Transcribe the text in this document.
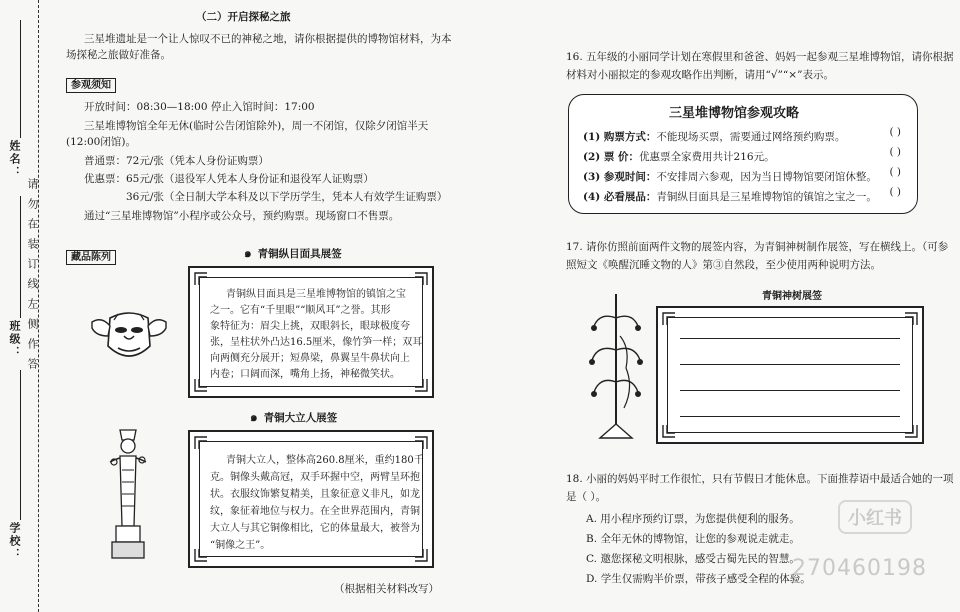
姓名：
请勿在装订线左侧作答
班级：
学校：
（二）开启探秘之旅
三星堆遗址是一个让人惊叹不已的神秘之地，请你根据提供的博物馆材料，为本
场探秘之旅做好准备。
参观须知
开放时间：08:30—18:00 停止入馆时间：17:00
三星堆博物馆全年无休(临时公告闭馆除外)，周一不闭馆，仅除夕闭馆半天
(12:00闭馆)。
普通票：72元/张（凭本人身份证购票）
优惠票：65元/张（退役军人凭本人身份证和退役军人证购票）
36元/张（全日制大学本科及以下学历学生，凭本人有效学生证购票）
通过“三星堆博物馆”小程序或公众号，预约购票。现场窗口不售票。
藏品陈列	๑ 青铜纵目面具展签
青铜纵目面具是三星堆博物馆的镇馆之宝
之一。它有“千里眼”“顺风耳”之誉。其形
象特征为：眉尖上挑，双眼斜长，眼球极度夸
张，呈柱状外凸达16.5厘米，像竹笋一样；双耳
向两侧充分展开；短鼻梁，鼻翼呈牛鼻状向上
内卷；口阔而深，嘴角上扬，神秘微笑状。
๑ 青铜大立人展签
青铜大立人，整体高260.8厘米，重约180千
克。铜像头戴高冠，双手环握中空，两臂呈环抱
状。衣服纹饰繁复精美，且象征意义非凡，如龙
纹，象征着地位与权力。在全世界范围内，青铜
大立人与其它铜像相比，它的体量最大，被誉为
“铜像之王”。
（根据相关材料改写）
16. 五年级的小丽同学计划在寒假里和爸爸、妈妈一起参观三星堆博物馆，请你根据
材料对小丽拟定的参观攻略作出判断，请用“√”“×”表示。
三星堆博物馆参观攻略
(1) 购票方式：不能现场买票，需要通过网络预约购票。	( )
(2) 票 价：优惠票全家费用共计216元。	( )
(3) 参观时间：不安排周六参观，因为当日博物馆要闭馆休整。 ( )
(4) 必看展品：青铜纵目面具是三星堆博物馆的镇馆之宝之一。 ( )
17. 请你仿照前面两件文物的展签内容，为青铜神树制作展签，写在横线上。（可参
照短文《唤醒沉睡文物的人》第③自然段，至少使用两种说明方法。
青铜神树展签
18. 小丽的妈妈平时工作很忙，只有节假日才能休息。下面推荐语中最适合她的一项
是（ ）。
A. 用小程序预约订票，为您提供便利的服务。
B. 全年无休的博物馆，让您的参观说走就走。
C. 邀您探秘文明根脉，感受古蜀先民的智慧。
D. 学生仅需购半价票，带孩子感受全程的体验。
小红书
270460198
